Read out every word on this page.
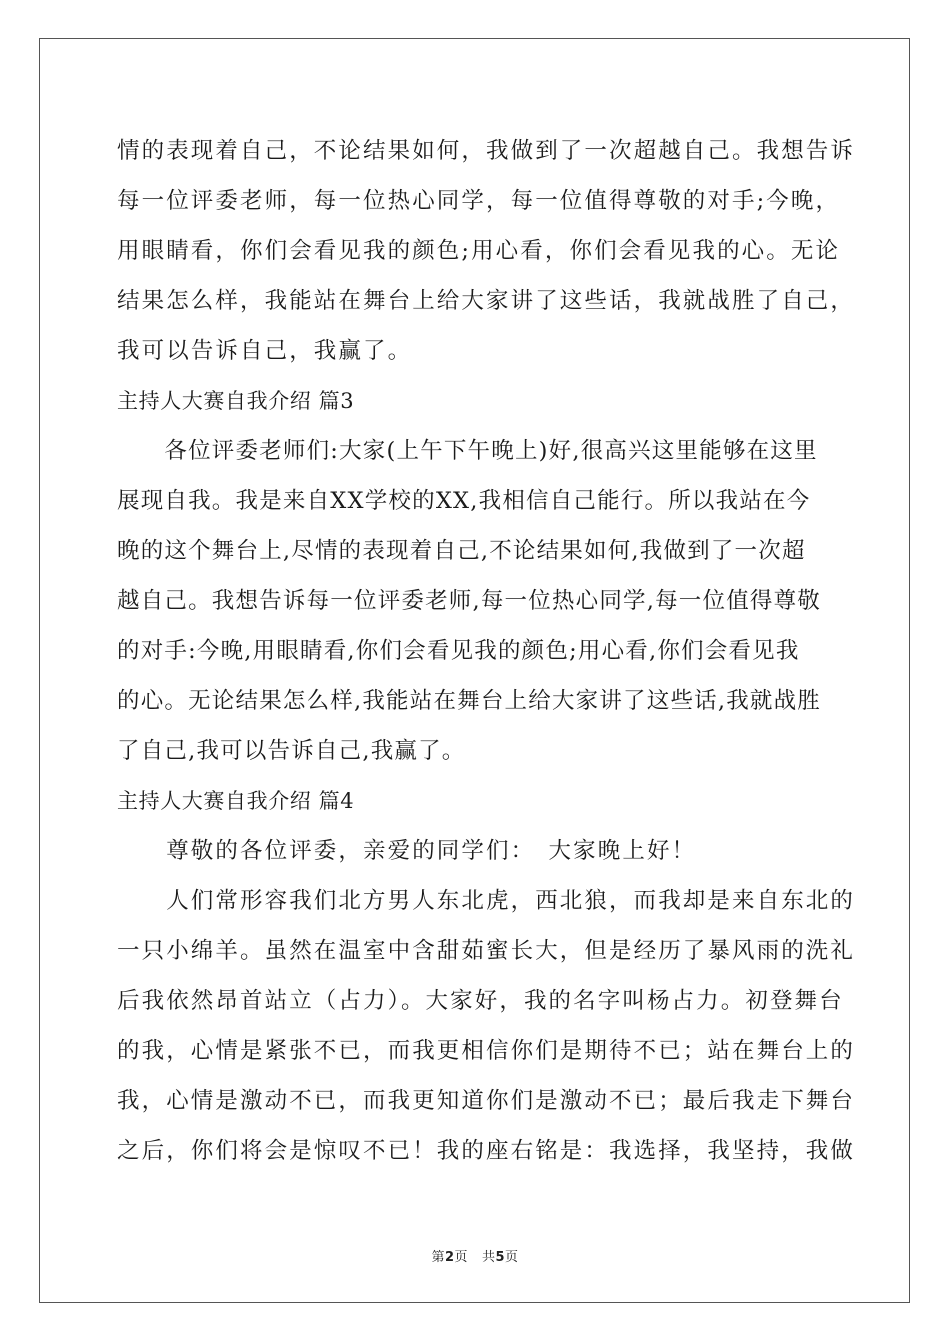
情的表现着自己，不论结果如何，我做到了一次超越自己。我想告诉
每一位评委老师，每一位热心同学，每一位值得尊敬的对手;今晚，
用眼睛看，你们会看见我的颜色;用心看，你们会看见我的心。无论
结果怎么样，我能站在舞台上给大家讲了这些话，我就战胜了自己，
我可以告诉自己，我赢了。
主持人大赛自我介绍 篇3
　　各位评委老师们:大家(上午下午晚上)好,很高兴这里能够在这里
展现自我。我是来自XX学校的XX,我相信自己能行。所以我站在今
晚的这个舞台上,尽情的表现着自己,不论结果如何,我做到了一次超
越自己。我想告诉每一位评委老师,每一位热心同学,每一位值得尊敬
的对手:今晚,用眼睛看,你们会看见我的颜色;用心看,你们会看见我
的心。无论结果怎么样,我能站在舞台上给大家讲了这些话,我就战胜
了自己,我可以告诉自己,我赢了。
主持人大赛自我介绍 篇4
　　尊敬的各位评委，亲爱的同学们：　大家晚上好！
　　人们常形容我们北方男人东北虎，西北狼，而我却是来自东北的
一只小绵羊。虽然在温室中含甜茹蜜长大，但是经历了暴风雨的洗礼
后我依然昂首站立（占力）。大家好，我的名字叫杨占力。初登舞台
的我，心情是紧张不已，而我更相信你们是期待不已；站在舞台上的
我，心情是激动不已，而我更知道你们是激动不已；最后我走下舞台
之后，你们将会是惊叹不已！我的座右铭是：我选择，我坚持，我做
第2页 共5页
